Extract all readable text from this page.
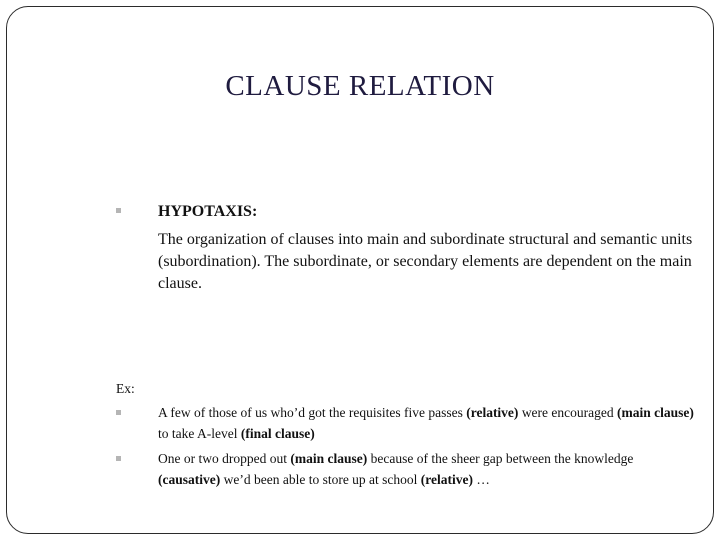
CLAUSE RELATION
HYPOTAXIS:
The organization of clauses into main and subordinate structural and semantic units (subordination). The subordinate, or secondary elements are dependent on the main clause.
Ex:
A few of those of us who’d got the requisites five passes (relative) were encouraged (main clause) to take A-level (final clause)
One or two dropped out (main clause) because of the sheer gap between the knowledge (causative) we’d been able to store up at school (relative) …
